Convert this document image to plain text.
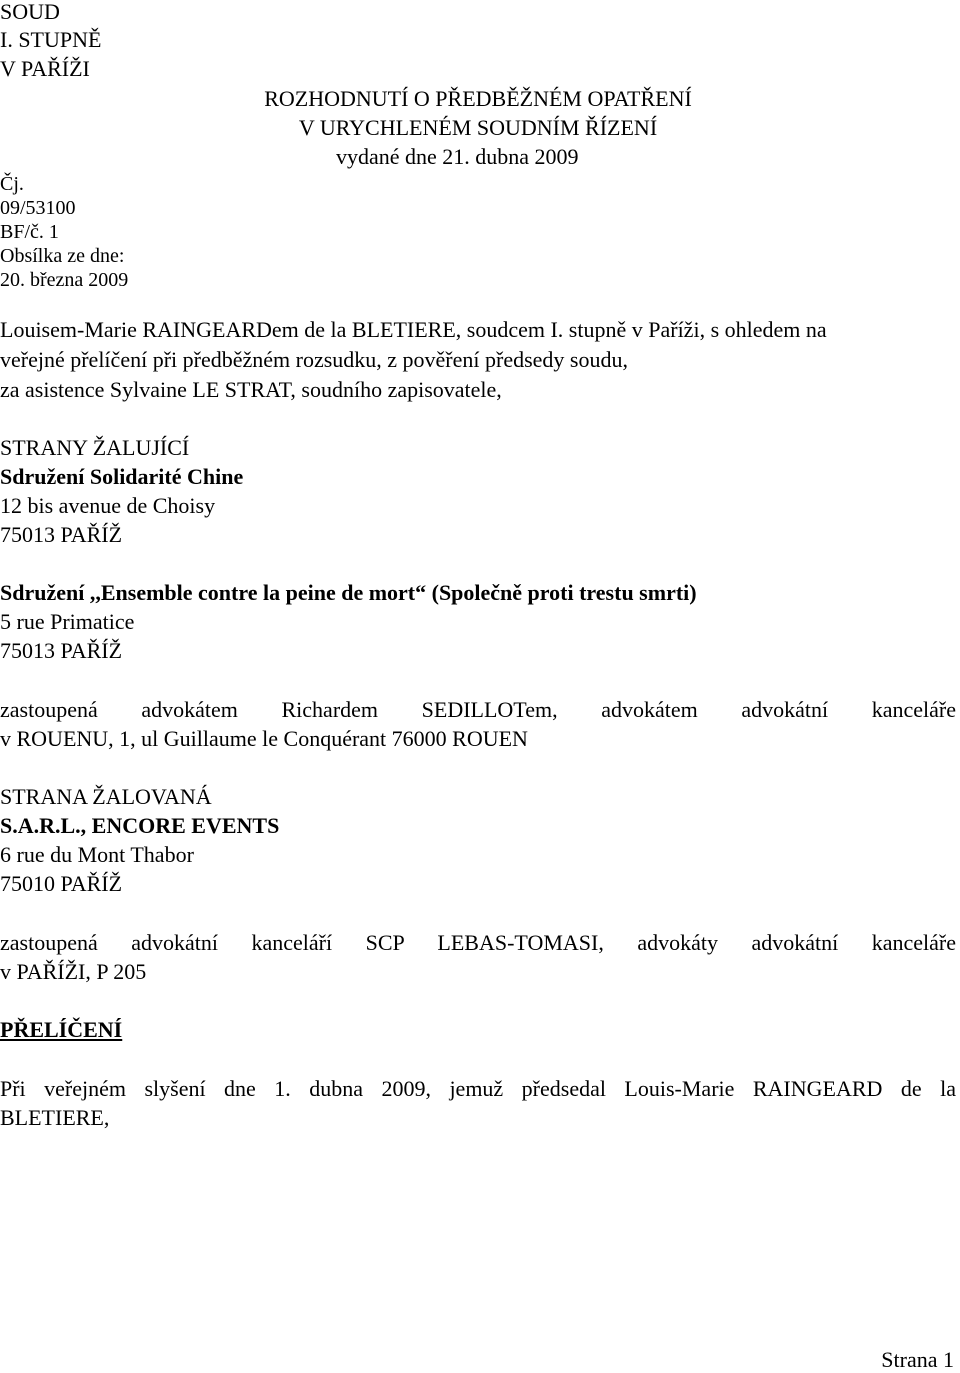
SOUD
I. STUPNĚ
V PAŘÍŽI
ROZHODNUTÍ O PŘEDBĚŽNÉM OPATŘENÍ
V URYCHLENÉM SOUDNÍM ŘÍZENÍ
vydané dne 21. dubna 2009
Čj.
09/53100
BF/č. 1
Obsílka ze dne:
20. března 2009
Louisem-Marie RAINGEARDem de la BLETIERE, soudcem I. stupně v Paříži, s ohledem na
veřejné přelíčení při předběžném rozsudku, z pověření předsedy soudu,
za asistence Sylvaine LE STRAT, soudního zapisovatele,
STRANY ŽALUJÍCÍ
Sdružení Solidarité Chine
12 bis avenue de Choisy
75013 PAŘÍŽ
Sdružení ,,Ensemble contre la peine de mort“ (Společně proti trestu smrti)
5 rue Primatice
75013 PAŘÍŽ
zastoupená advokátem Richardem SEDILLOTem, advokátem advokátní kanceláře
v ROUENU, 1, ul Guillaume le Conquérant 76000 ROUEN
STRANA ŽALOVANÁ
S.A.R.L., ENCORE EVENTS
6 rue du Mont Thabor
75010 PAŘÍŽ
zastoupená advokátní kanceláří SCP LEBAS-TOMASI, advokáty advokátní kanceláře
v PAŘÍŽI, P 205
PŘELÍČENÍ
Při veřejném slyšení dne 1. dubna 2009, jemuž předsedal Louis-Marie RAINGEARD de la
BLETIERE,
Strana 1
